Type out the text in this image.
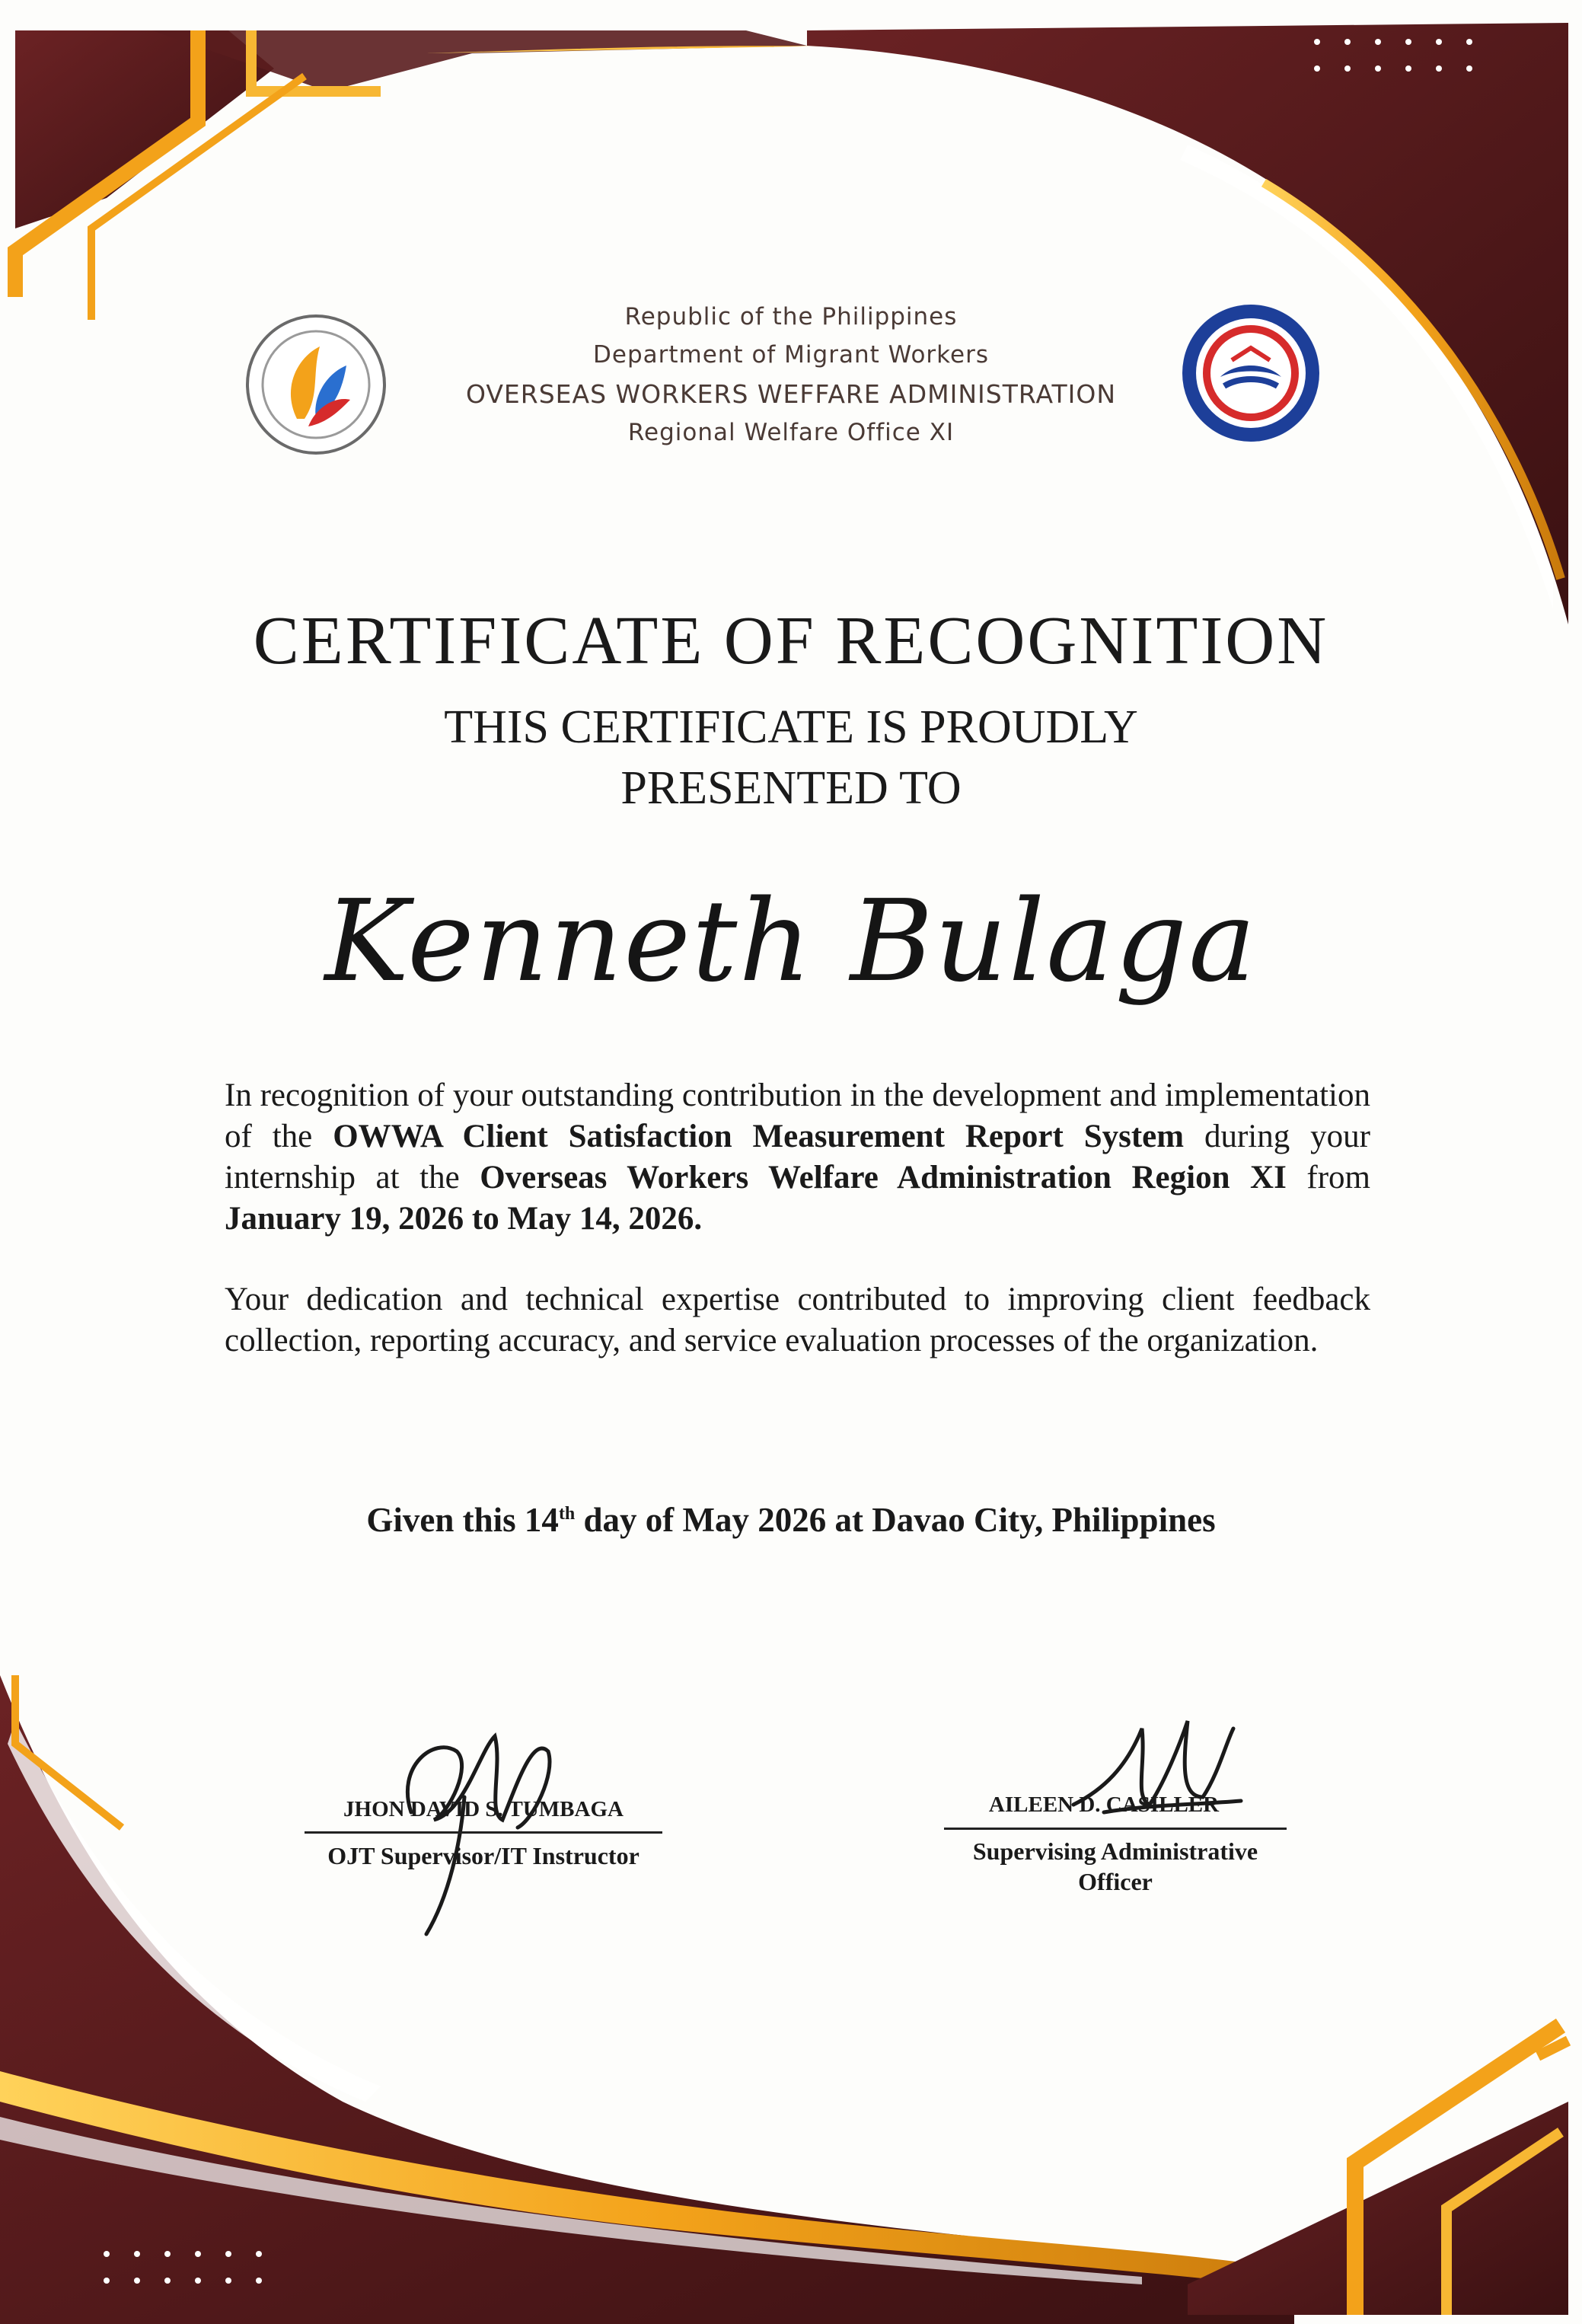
Republic of the Philippines
Department of Migrant Workers
OVERSEAS WORKERS WEFFARE ADMINISTRATION
Regional Welfare Office XI
CERTIFICATE OF RECOGNITION
THIS CERTIFICATE IS PROUDLY
PRESENTED TO
Kenneth Bulaga
In recognition of your outstanding contribution in the development and implementation of the OWWA Client Satisfaction Measurement Report System during your internship at the Overseas Workers Welfare Administration Region XI from January 19, 2026 to May 14, 2026.
Your dedication and technical expertise contributed to improving client feedback collection, reporting accuracy, and service evaluation processes of the organization.
Given this 14th day of May 2026 at Davao City, Philippines
JHON DAVID S. TUMBAGA
OJT Supervisor/IT Instructor
AILEEN D. CASILLER
Supervising Administrative
Officer
